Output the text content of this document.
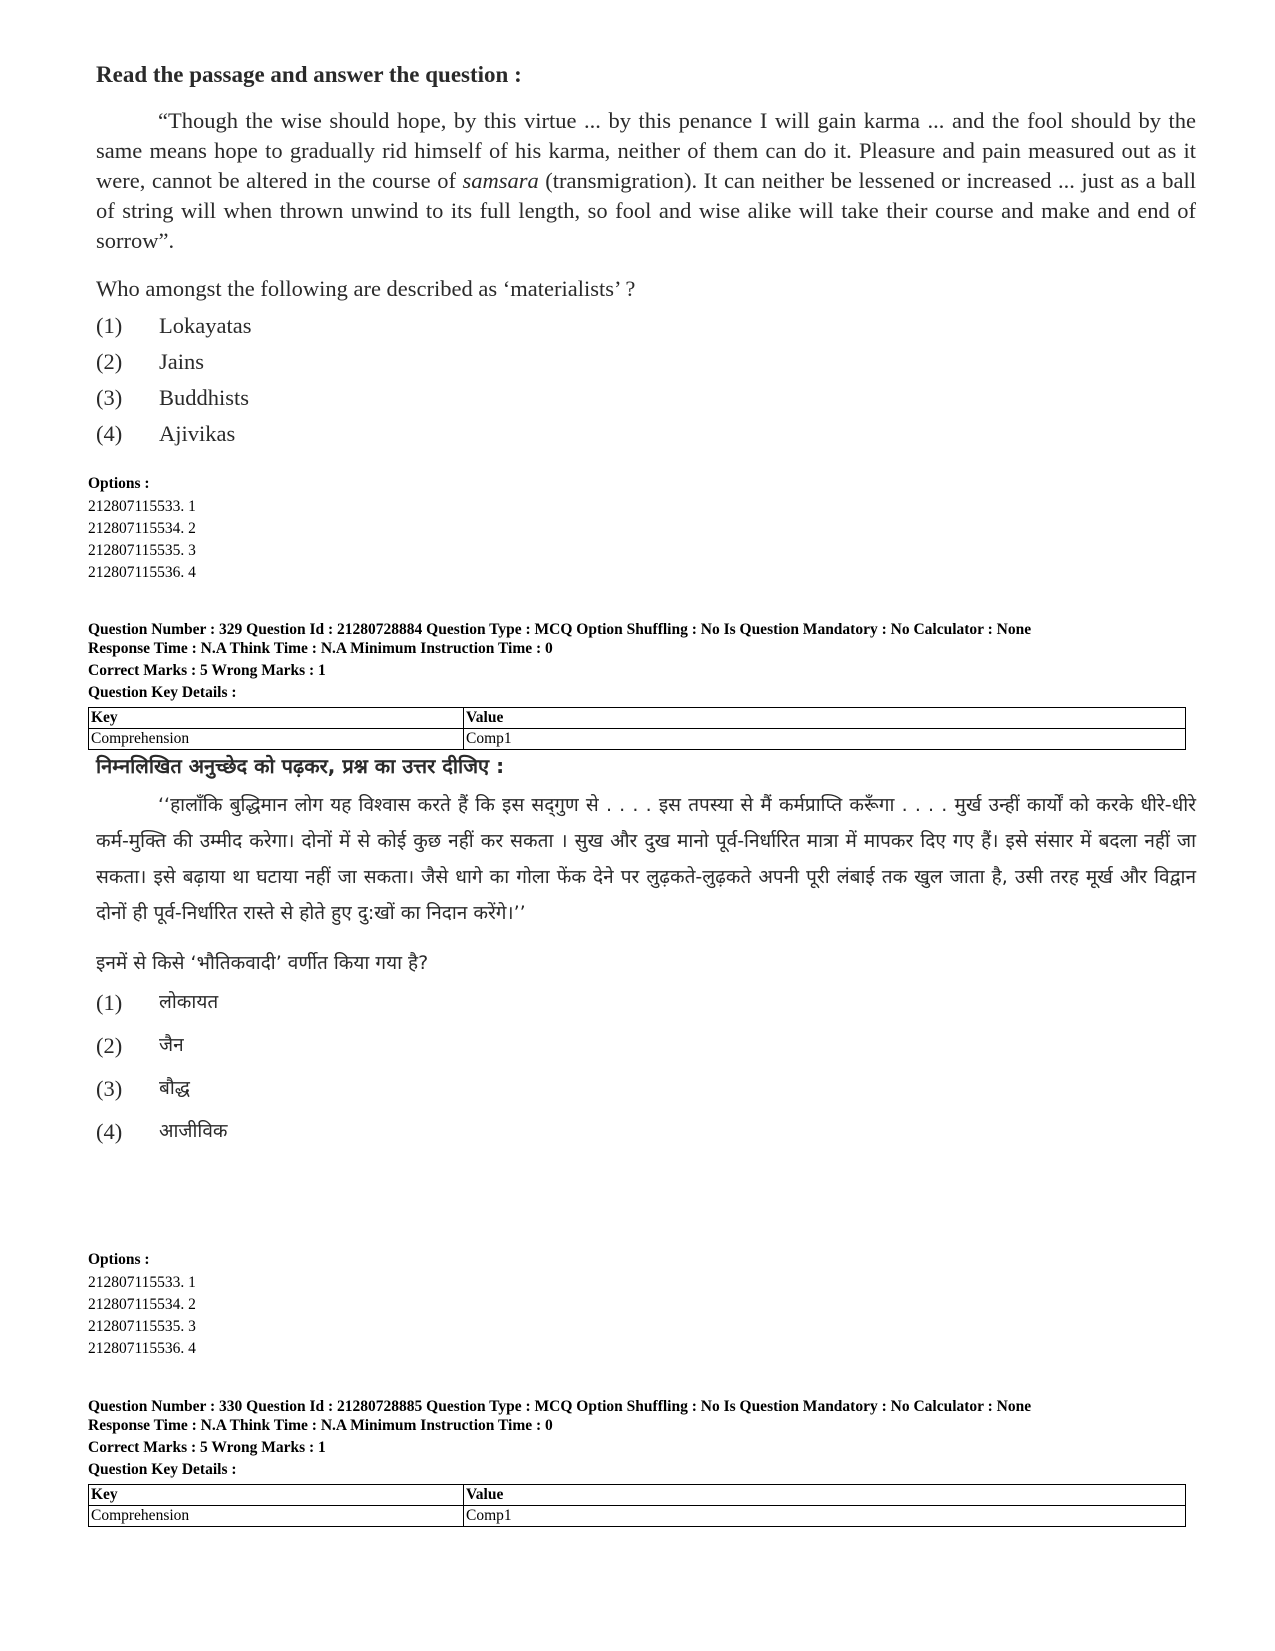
Read the passage and answer the question :

“Though the wise should hope, by this virtue ... by this penance I will gain karma ... and the fool should by the same means hope to gradually rid himself of his karma, neither of them can do it. Pleasure and pain measured out as it were, cannot be altered in the course of samsara (transmigration). It can neither be lessened or increased ... just as a ball of string will when thrown unwind to its full length, so fool and wise alike will take their course and make and end of sorrow”.

Who amongst the following are described as ‘materialists’ ?

(1)	Lokayatas
(2)	Jains
(3)	Buddhists
(4)	Ajivikas
Options :
212807115533. 1
212807115534. 2
212807115535. 3
212807115536. 4
Question Number : 329 Question Id : 21280728884 Question Type : MCQ Option Shuffling : No Is Question Mandatory : No Calculator : None
Response Time : N.A Think Time : N.A Minimum Instruction Time : 0
Correct Marks : 5 Wrong Marks : 1
Question Key Details :
Key	Value
Comprehension	Comp1

निम्नलिखित अनुच्छेद को पढ़कर, प्रश्न का उत्तर दीजिए :

‘‘हालाँकि बुद्धिमान लोग यह विश्वास करते हैं कि इस सद्‌गुण से . . . . इस तपस्या से मैं कर्मप्राप्ति करूँगा . . . . मुर्ख उन्हीं कार्यों को करके धीरे-धीरे कर्म-मुक्ति की उम्मीद करेगा। दोनों में से कोई कुछ नहीं कर सकता । सुख और दुख मानो पूर्व-निर्धारित मात्रा में मापकर दिए गए हैं। इसे संसार में बदला नहीं जा सकता। इसे बढ़ाया था घटाया नहीं जा सकता। जैसे धागे का गोला फेंक देने पर लुढ़कते-लुढ़कते अपनी पूरी लंबाई तक खुल जाता है, उसी तरह मूर्ख और विद्वान दोनों ही पूर्व-निर्धारित रास्ते से होते हुए दु:खों का निदान करेंगे।’’

इनमें से किसे ‘भौतिकवादी’ वर्णीत किया गया है?

(1)	लोकायत
(2)	जैन
(3)	बौद्ध
(4)	आजीविक
Options :
212807115533. 1
212807115534. 2
212807115535. 3
212807115536. 4
Question Number : 330 Question Id : 21280728885 Question Type : MCQ Option Shuffling : No Is Question Mandatory : No Calculator : None
Response Time : N.A Think Time : N.A Minimum Instruction Time : 0
Correct Marks : 5 Wrong Marks : 1
Question Key Details :
Key	Value
Comprehension	Comp1
